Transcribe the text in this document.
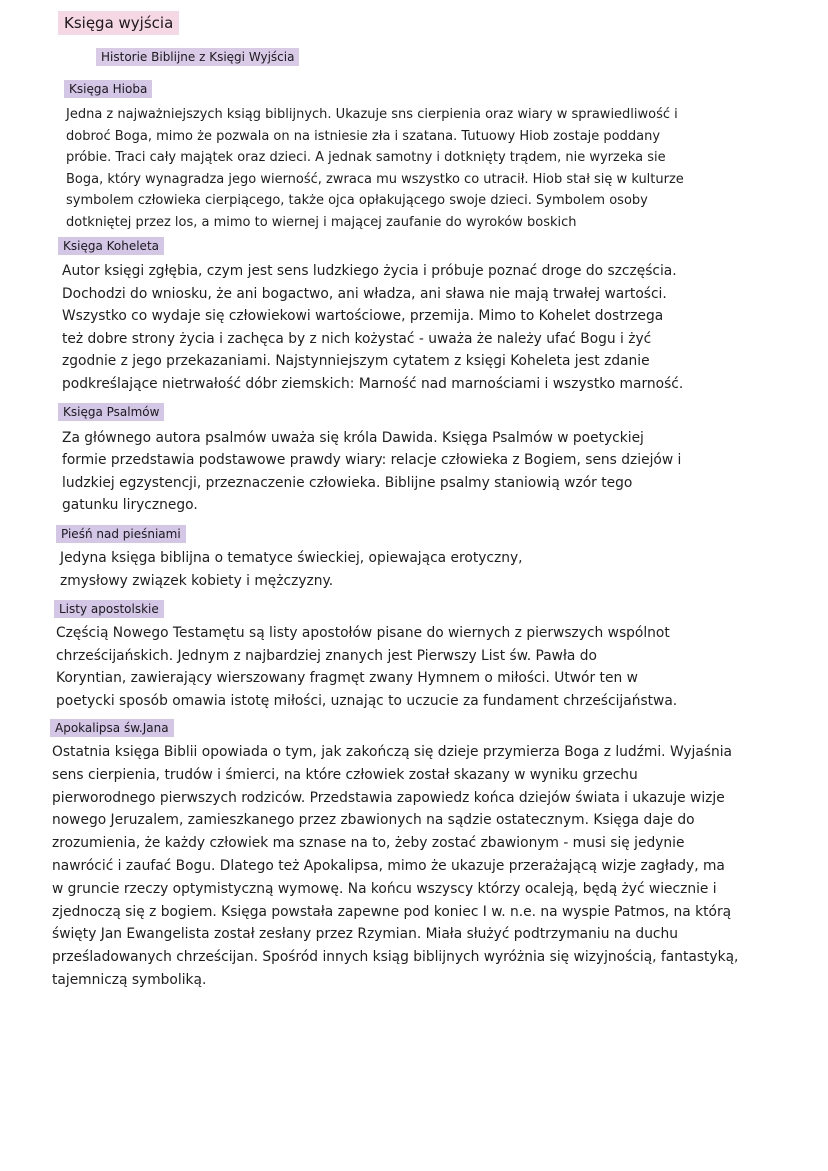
Księga wyjścia
Historie Biblijne z Księgi Wyjścia
Księga Hioba

Jedna z najważniejszych ksiąg biblijnych. Ukazuje sns cierpienia oraz wiary w sprawiedliwość i
dobroć Boga, mimo że pozwala on na istniesie zła i szatana. Tutuowy Hiob zostaje poddany
próbie. Traci cały majątek oraz dzieci. A jednak samotny i dotknięty trądem, nie wyrzeka sie
Boga, który wynagradza jego wierność, zwraca mu wszystko co utracił. Hiob stał się w kulturze
symbolem człowieka cierpiącego, także ojca opłakującego swoje dzieci. Symbolem osoby
dotkniętej przez los, a mimo to wiernej i mającej zaufanie do wyroków boskich

Księga Koheleta

Autor księgi zgłębia, czym jest sens ludzkiego życia i próbuje poznać droge do szczęścia.
Dochodzi do wniosku, że ani bogactwo, ani władza, ani sława nie mają trwałej wartości.
Wszystko co wydaje się człowiekowi wartościowe, przemija. Mimo to Kohelet dostrzega
też dobre strony życia i zachęca by z nich kożystać - uważa że należy ufać Bogu i żyć
zgodnie z jego przekazaniami. Najstynniejszym cytatem z księgi Koheleta jest zdanie
podkreślające nietrwałość dóbr ziemskich: Marność nad marnościami i wszystko marność.

Księga Psalmów

Za głównego autora psalmów uważa się króla Dawida. Księga Psalmów w poetyckiej
formie przedstawia podstawowe prawdy wiary: relacje człowieka z Bogiem, sens dziejów i
ludzkiej egzystencji, przeznaczenie człowieka. Biblijne psalmy staniowią wzór tego
gatunku lirycznego.

Pieśń nad pieśniami

Jedyna księga biblijna o tematyce świeckiej, opiewająca erotyczny,
zmysłowy związek kobiety i mężczyzny.

Listy apostolskie

Częścią Nowego Testamętu są listy apostołów pisane do wiernych z pierwszych wspólnot
chrześcijańskich. Jednym z najbardziej znanych jest Pierwszy List św. Pawła do
Koryntian, zawierający wierszowany fragmęt zwany Hymnem o miłości. Utwór ten w
poetycki sposób omawia istotę miłości, uznając to uczucie za fundament chrześcijaństwa.

Apokalipsa św.Jana

Ostatnia księga Biblii opowiada o tym, jak zakończą się dzieje przymierza Boga z ludźmi. Wyjaśnia
sens cierpienia, trudów i śmierci, na które człowiek został skazany w wyniku grzechu
pierworodnego pierwszych rodziców. Przedstawia zapowiedz końca dziejów świata i ukazuje wizje
nowego Jeruzalem, zamieszkanego przez zbawionych na sądzie ostatecznym. Księga daje do
zrozumienia, że każdy człowiek ma sznase na to, żeby zostać zbawionym - musi się jedynie
nawrócić i zaufać Bogu. Dlatego też Apokalipsa, mimo że ukazuje przerażającą wizje zagłady, ma
w gruncie rzeczy optymistyczną wymowę. Na końcu wszyscy którzy ocaleją, będą żyć wiecznie i
zjednoczą się z bogiem. Księga powstała zapewne pod koniec I w. n.e. na wyspie Patmos, na którą
święty Jan Ewangelista został zesłany przez Rzymian. Miała służyć podtrzymaniu na duchu
prześladowanych chrześcijan. Spośród innych ksiąg biblijnych wyróżnia się wizyjnością, fantastyką,
tajemniczą symboliką.
